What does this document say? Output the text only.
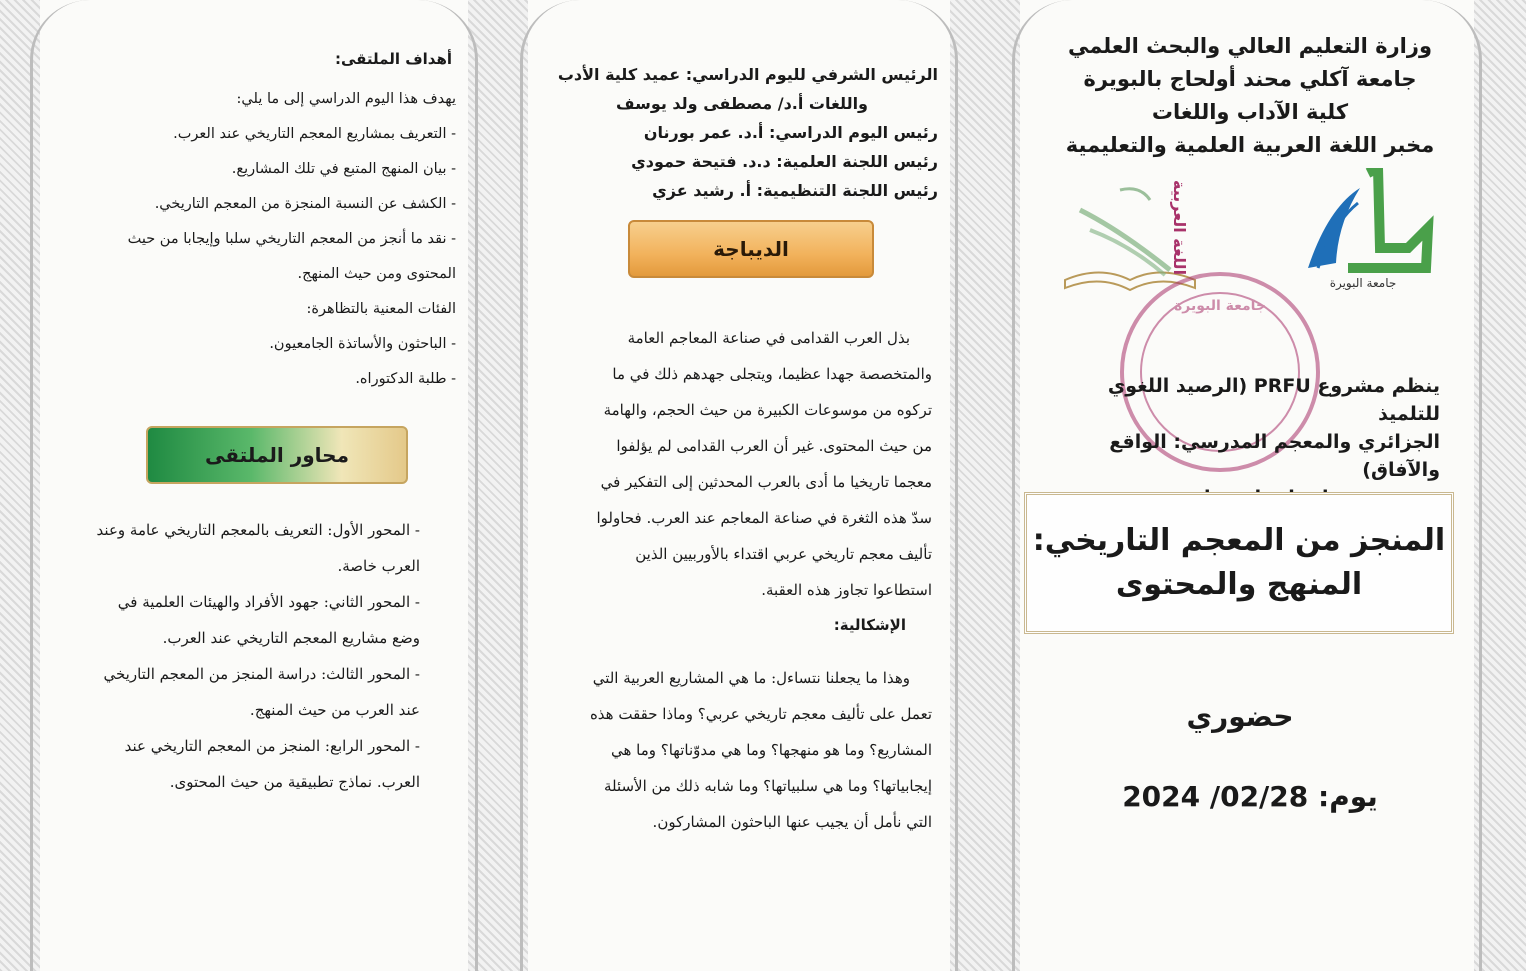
وزارة التعليم العالي والبحث العلمي
جامعة آكلي محند أولحاج بالبويرة
كلية الآداب واللغات
مخبر اللغة العربية العلمية والتعليمية
جامعة البويرة
اللغة العربية
جامعة البويرة
ينظم مشروع PRFU (الرصيد اللغوي للتلميذ
الجزائري والمعجم المدرسي: الواقع والآفاق)
المنجز من المعجم التاريخي:
المنهج والمحتوى
حضوري
يوم: 2024 /02/28
الرئيس الشرفي لليوم الدراسي: عميد كلية الأدب
واللغات أ.د/ مصطفى ولد يوسف
رئيس اليوم الدراسي: أ.د. عمر بورنان
رئيس اللجنة العلمية: د.د. فتيحة حمودي
رئيس اللجنة التنظيمية: أ. رشيد عزي
الديباجة

بذل العرب القدامى في صناعة المعاجم العامة

والمتخصصة جهدا عظيما، ويتجلى جهدهم ذلك في ما

تركوه من موسوعات الكبيرة من حيث الحجم، والهامة

من حيث المحتوى. غير أن العرب القدامى لم يؤلفوا

معجما تاريخيا ما أدى بالعرب المحدثين إلى التفكير في

سدّ هذه الثغرة في صناعة المعاجم عند العرب. فحاولوا

تأليف معجم تاريخي عربي اقتداء بالأوربيين الذين

استطاعوا تجاوز هذه العقبة.

الإشكالية:

وهذا ما يجعلنا نتساءل: ما هي المشاريع العربية التي

تعمل على تأليف معجم تاريخي عربي؟ وماذا حققت هذه

المشاريع؟ وما هو منهجها؟ وما هي مدوّناتها؟ وما هي

إيجابياتها؟ وما هي سلبياتها؟ وما شابه ذلك من الأسئلة

التي نأمل أن يجيب عنها الباحثون المشاركون.

أهداف الملتقى:

يهدف هذا اليوم الدراسي إلى ما يلي:

- التعريف بمشاريع المعجم التاريخي عند العرب.

- بيان المنهج المتبع في تلك المشاريع.

- الكشف عن النسبة المنجزة من المعجم التاريخي.

- نقد ما أنجز من المعجم التاريخي سلبا وإيجابا من حيث

المحتوى ومن حيث المنهج.

الفئات المعنية بالتظاهرة:

- الباحثون والأساتذة الجامعيون.

- طلبة الدكتوراه.

محاور الملتقى

- المحور الأول: التعريف بالمعجم التاريخي عامة وعند

العرب خاصة.

- المحور الثاني: جهود الأفراد والهيئات العلمية في

وضع مشاريع المعجم التاريخي عند العرب.

- المحور الثالث: دراسة المنجز من المعجم التاريخي

عند العرب من حيث المنهج.

- المحور الرابع: المنجز من المعجم التاريخي عند

العرب. نماذج تطبيقية من حيث المحتوى.
